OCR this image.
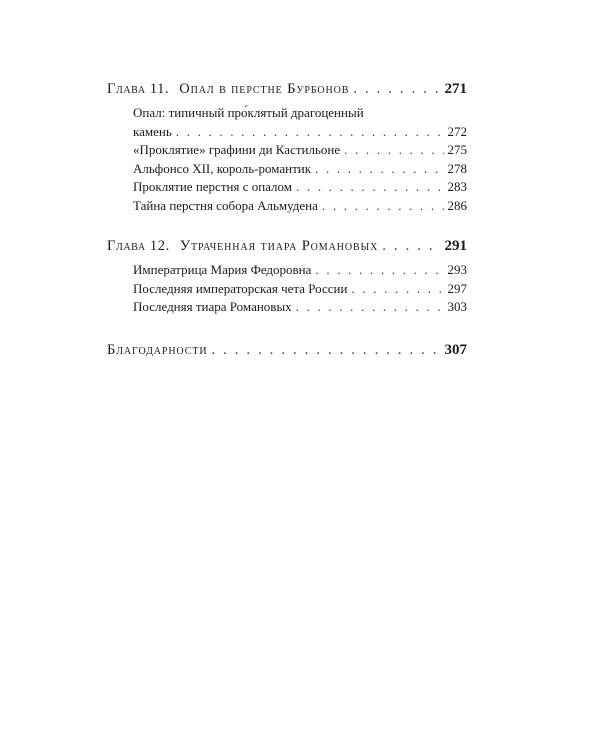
Глава 11. Опал в перстне Бурбонов . . .	271
Опал: типичный про́клятый драгоценный
камень . . .	272
«Проклятие» графини ди Кастильоне . . .	275
Альфонсо XII, король-романтик . . .	278
Проклятие перстня с опалом . . .	283
Тайна перстня собора Альмудена . . .	286
Глава 12. Утраченная тиара Романовых . . .	291
Императрица Мария Федоровна . . .	293
Последняя императорская чета России . . .	297
Последняя тиара Романовых . . .	303
Благодарности . . .	307
